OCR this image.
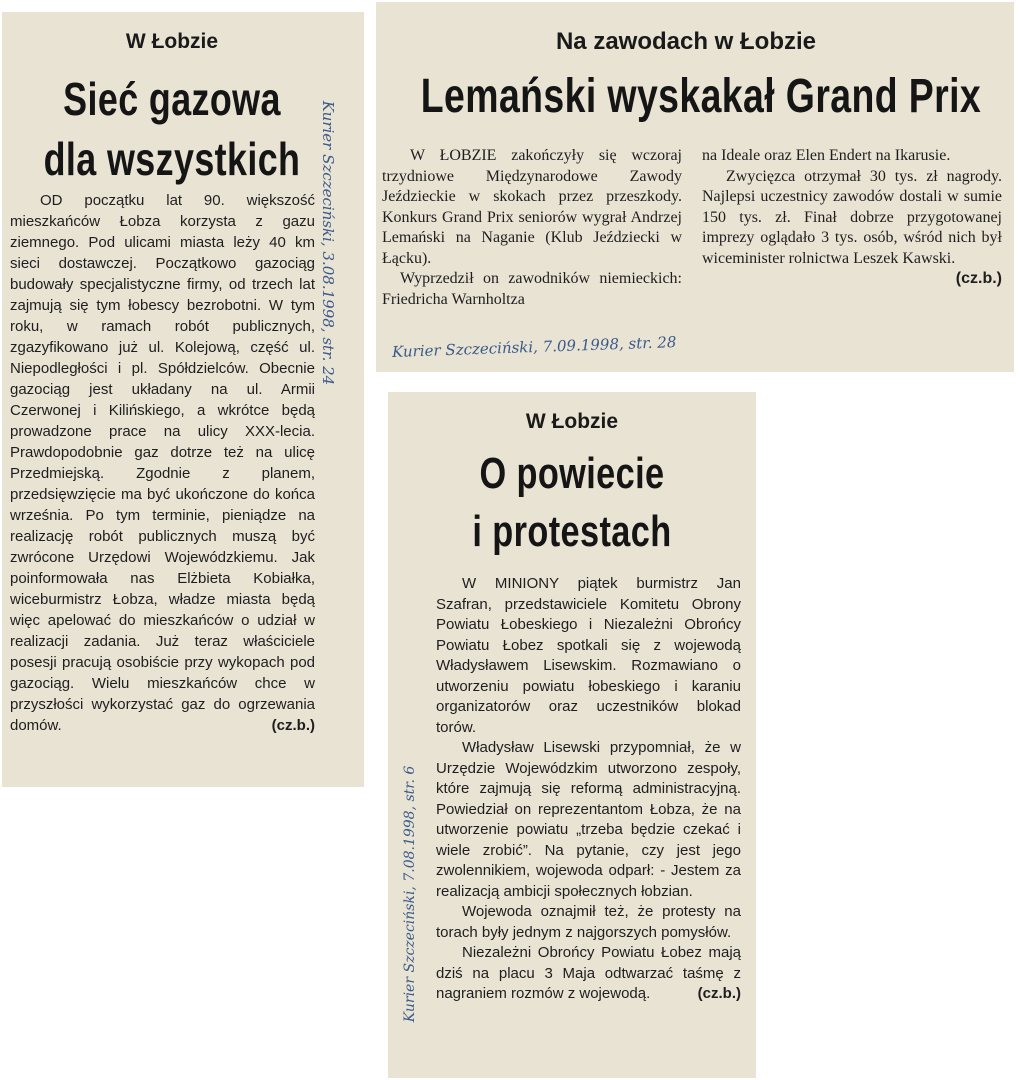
W Łobzie
Sieć gazowa
dla wszystkich
OD początku lat 90. większość mieszkańców Łobza korzysta z gazu ziemnego. Pod ulicami miasta leży 40 km sieci dostawczej. Początkowo gazociąg budowały specjalistyczne firmy, od trzech lat zajmują się tym łobescy bezrobotni. W tym roku, w ramach robót publicznych, zgazyfikowano już ul. Kolejową, część ul. Niepodległości i pl. Spółdzielców. Obecnie gazociąg jest układany na ul. Armii Czerwonej i Kilińskiego, a wkrótce będą prowadzone prace na ulicy XXX-lecia. Prawdopodobnie gaz dotrze też na ulicę Przedmiejską. Zgodnie z planem, przedsięwzięcie ma być ukończone do końca września. Po tym terminie, pieniądze na realizację robót publicznych muszą być zwrócone Urzędowi Wojewódzkiemu. Jak poinformowała nas Elżbieta Kobiałka, wiceburmistrz Łobza, władze miasta będą więc apelować do mieszkańców o udział w realizacji zadania. Już teraz właściciele posesji pracują osobiście przy wykopach pod gazociąg. Wielu mieszkańców chce w przyszłości wykorzystać gaz do ogrzewania domów.	(cz.b.)
Kurier Szczeciński, 3.08.1998, str. 24
Na zawodach w Łobzie
Lemański wyskakał Grand Prix

W ŁOBZIE zakończyły się wczoraj trzydniowe Międzynarodowe Zawody Jeździeckie w skokach przez przeszkody. Konkurs Grand Prix seniorów wygrał Andrzej Lemański na Naganie (Klub Jeździecki w Łącku).

Wyprzedził on zawodników niemieckich: Friedricha Warnholtza

na Ideale oraz Elen Endert na Ikarusie.

Zwycięzca otrzymał 30 tys. zł nagrody. Najlepsi uczestnicy zawodów dostali w sumie 150 tys. zł. Finał dobrze przygotowanej imprezy oglądało 3 tys. osób, wśród nich był wiceminister rolnictwa Leszek Kawski.
(cz.b.)

Kurier Szczeciński, 7.09.1998, str. 28
W Łobzie
O powiecie
i protestach

W MINIONY piątek burmistrz Jan Szafran, przedstawiciele Komitetu Obrony Powiatu Łobeskiego i Niezależni Obrońcy Powiatu Łobez spotkali się z wojewodą Władysławem Lisewskim. Rozmawiano o utworzeniu powiatu łobeskiego i karaniu organizatorów oraz uczestników blokad torów.

Władysław Lisewski przypomniał, że w Urzędzie Wojewódzkim utworzono zespoły, które zajmują się reformą administracyjną. Powiedział on reprezentantom Łobza, że na utworzenie powiatu „trzeba będzie czekać i wiele zrobić”. Na pytanie, czy jest jego zwolennikiem, wojewoda odparł: - Jestem za realizacją ambicji społecznych łobzian.

Wojewoda oznajmił też, że protesty na torach były jednym z najgorszych pomysłów.

Niezależni Obrońcy Powiatu Łobez mają dziś na placu 3 Maja odtwarzać taśmę z nagraniem rozmów z wojewodą.	(cz.b.)

Kurier Szczeciński, 7.08.1998, str. 6
